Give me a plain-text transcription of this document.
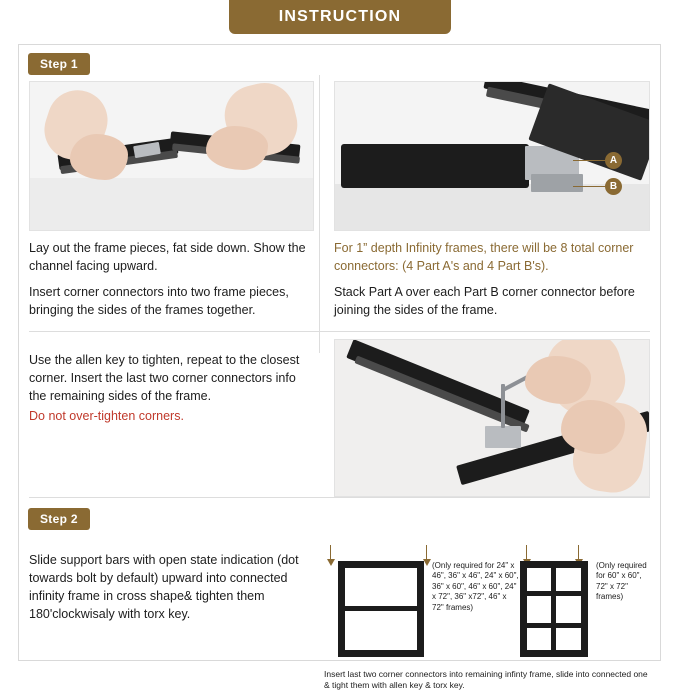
INSTRUCTION
Step 1

Lay out the frame pieces, fat side down. Show the channel facing upward.

Insert corner connectors into two frame pieces, bringing the sides of the frames together.

A
B

For 1” depth Infinity frames, there will be 8 total corner connectors: (4 Part A's and 4 Part B's).

Stack Part A over each Part B corner connector before joining the sides of the frame.

Use the allen key to tighten, repeat to the closest corner. Insert the last two corner connectors info the remaining sides of the frame.

Do not over-tighten corners.

Step 2

Slide support bars with open state indication (dot towards bolt by default) upward into connected infinity frame in cross shape& tighten them 180'clockwisaly with torx key.

(Only required for 24" x 46", 36" x 46", 24" x 60", 36" x 60", 46" x 60", 24" x 72", 36" x72", 46" x 72" frames)
(Only required for 60" x 60", 72" x 72" frames)
Insert last two corner connectors into remaining infinty frame, slide into connected one & tight them with allen key & torx key.
